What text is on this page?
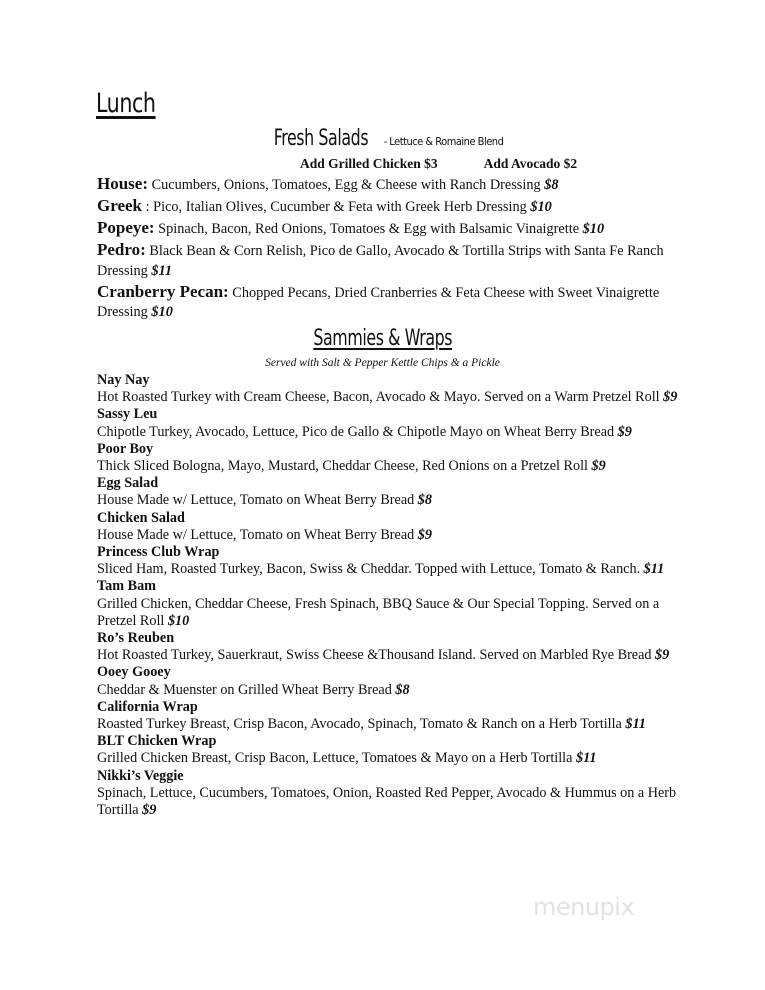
Lunch
Fresh Salads - Lettuce & Romaine Blend
Add Grilled Chicken $3	Add Avocado $2
House: Cucumbers, Onions, Tomatoes, Egg & Cheese with Ranch Dressing $8
Greek : Pico, Italian Olives, Cucumber & Feta with Greek Herb Dressing $10
Popeye: Spinach, Bacon, Red Onions, Tomatoes & Egg with Balsamic Vinaigrette $10
Pedro: Black Bean & Corn Relish, Pico de Gallo, Avocado & Tortilla Strips with Santa Fe Ranch Dressing $11
Cranberry Pecan: Chopped Pecans, Dried Cranberries & Feta Cheese with Sweet Vinaigrette Dressing $10
Sammies & Wraps
Served with Salt & Pepper Kettle Chips & a Pickle
Nay Nay
Hot Roasted Turkey with Cream Cheese, Bacon, Avocado & Mayo. Served on a Warm Pretzel Roll $9
Sassy Leu
Chipotle Turkey, Avocado, Lettuce, Pico de Gallo & Chipotle Mayo on Wheat Berry Bread $9
Poor Boy
Thick Sliced Bologna, Mayo, Mustard, Cheddar Cheese, Red Onions on a Pretzel Roll $9
Egg Salad
House Made w/ Lettuce, Tomato on Wheat Berry Bread $8
Chicken Salad
House Made w/ Lettuce, Tomato on Wheat Berry Bread $9
Princess Club Wrap
Sliced Ham, Roasted Turkey, Bacon, Swiss & Cheddar. Topped with Lettuce, Tomato & Ranch. $11
Tam Bam
Grilled Chicken, Cheddar Cheese, Fresh Spinach, BBQ Sauce & Our Special Topping. Served on a Pretzel Roll $10
Ro’s Reuben
Hot Roasted Turkey, Sauerkraut, Swiss Cheese &Thousand Island. Served on Marbled Rye Bread $9
Ooey Gooey
Cheddar & Muenster on Grilled Wheat Berry Bread $8
California Wrap
Roasted Turkey Breast, Crisp Bacon, Avocado, Spinach, Tomato & Ranch on a Herb Tortilla $11
BLT Chicken Wrap
Grilled Chicken Breast, Crisp Bacon, Lettuce, Tomatoes & Mayo on a Herb Tortilla $11
Nikki’s Veggie
Spinach, Lettuce, Cucumbers, Tomatoes, Onion, Roasted Red Pepper, Avocado & Hummus on a Herb Tortilla $9
menupix
